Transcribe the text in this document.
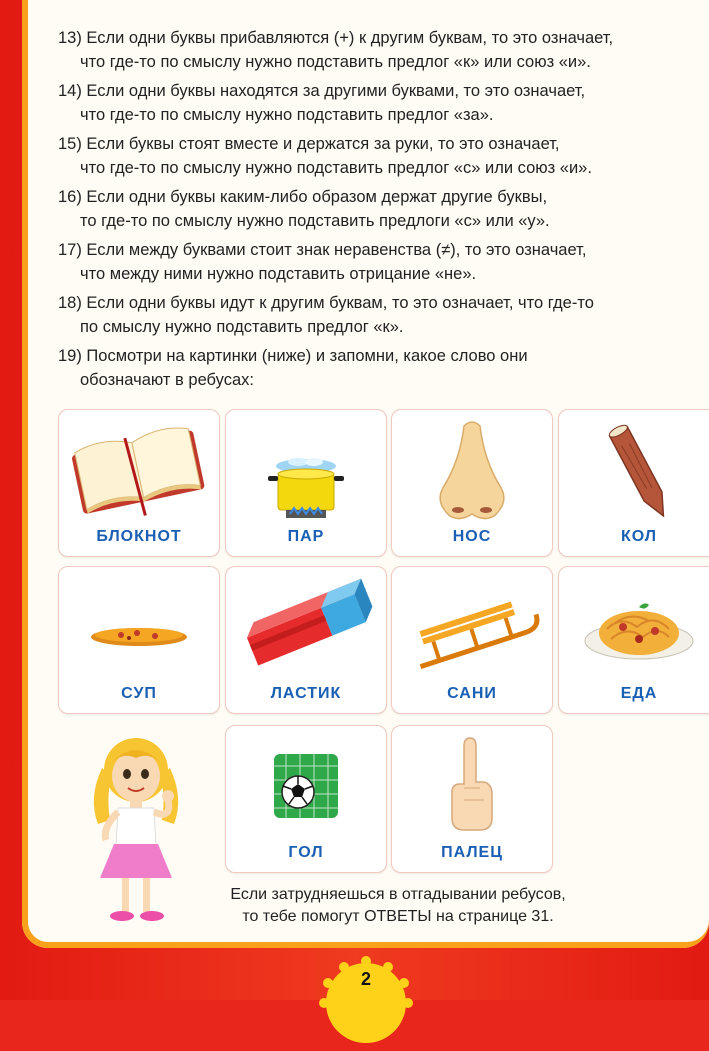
13) Если одни буквы прибавляются (+) к другим буквам, то это означает,
что где-то по смыслу нужно подставить предлог «к» или союз «и».
14) Если одни буквы находятся за другими буквами, то это означает,
что где-то по смыслу нужно подставить предлог «за».
15) Если буквы стоят вместе и держатся за руки, то это означает,
что где-то по смыслу нужно подставить предлог «с» или союз «и».
16) Если одни буквы каким-либо образом держат другие буквы,
то где-то по смыслу нужно подставить предлоги «с» или «у».
17) Если между буквами стоит знак неравенства (≠), то это означает,
что между ними нужно подставить отрицание «не».
18) Если одни буквы идут к другим буквам, то это означает, что где-то
по смыслу нужно подставить предлог «к».
19) Посмотри на картинки (ниже) и запомни, какое слово они
обозначают в ребусах:
БЛОКНОТ	ПАР	НОС	КОЛ
СУП	ЛАСТИК	САНИ	ЕДА
ГОЛ	ПАЛЕЦ
Если затрудняешься в отгадывании ребусов,
то тебе помогут ОТВЕТЫ на странице 31.
2
